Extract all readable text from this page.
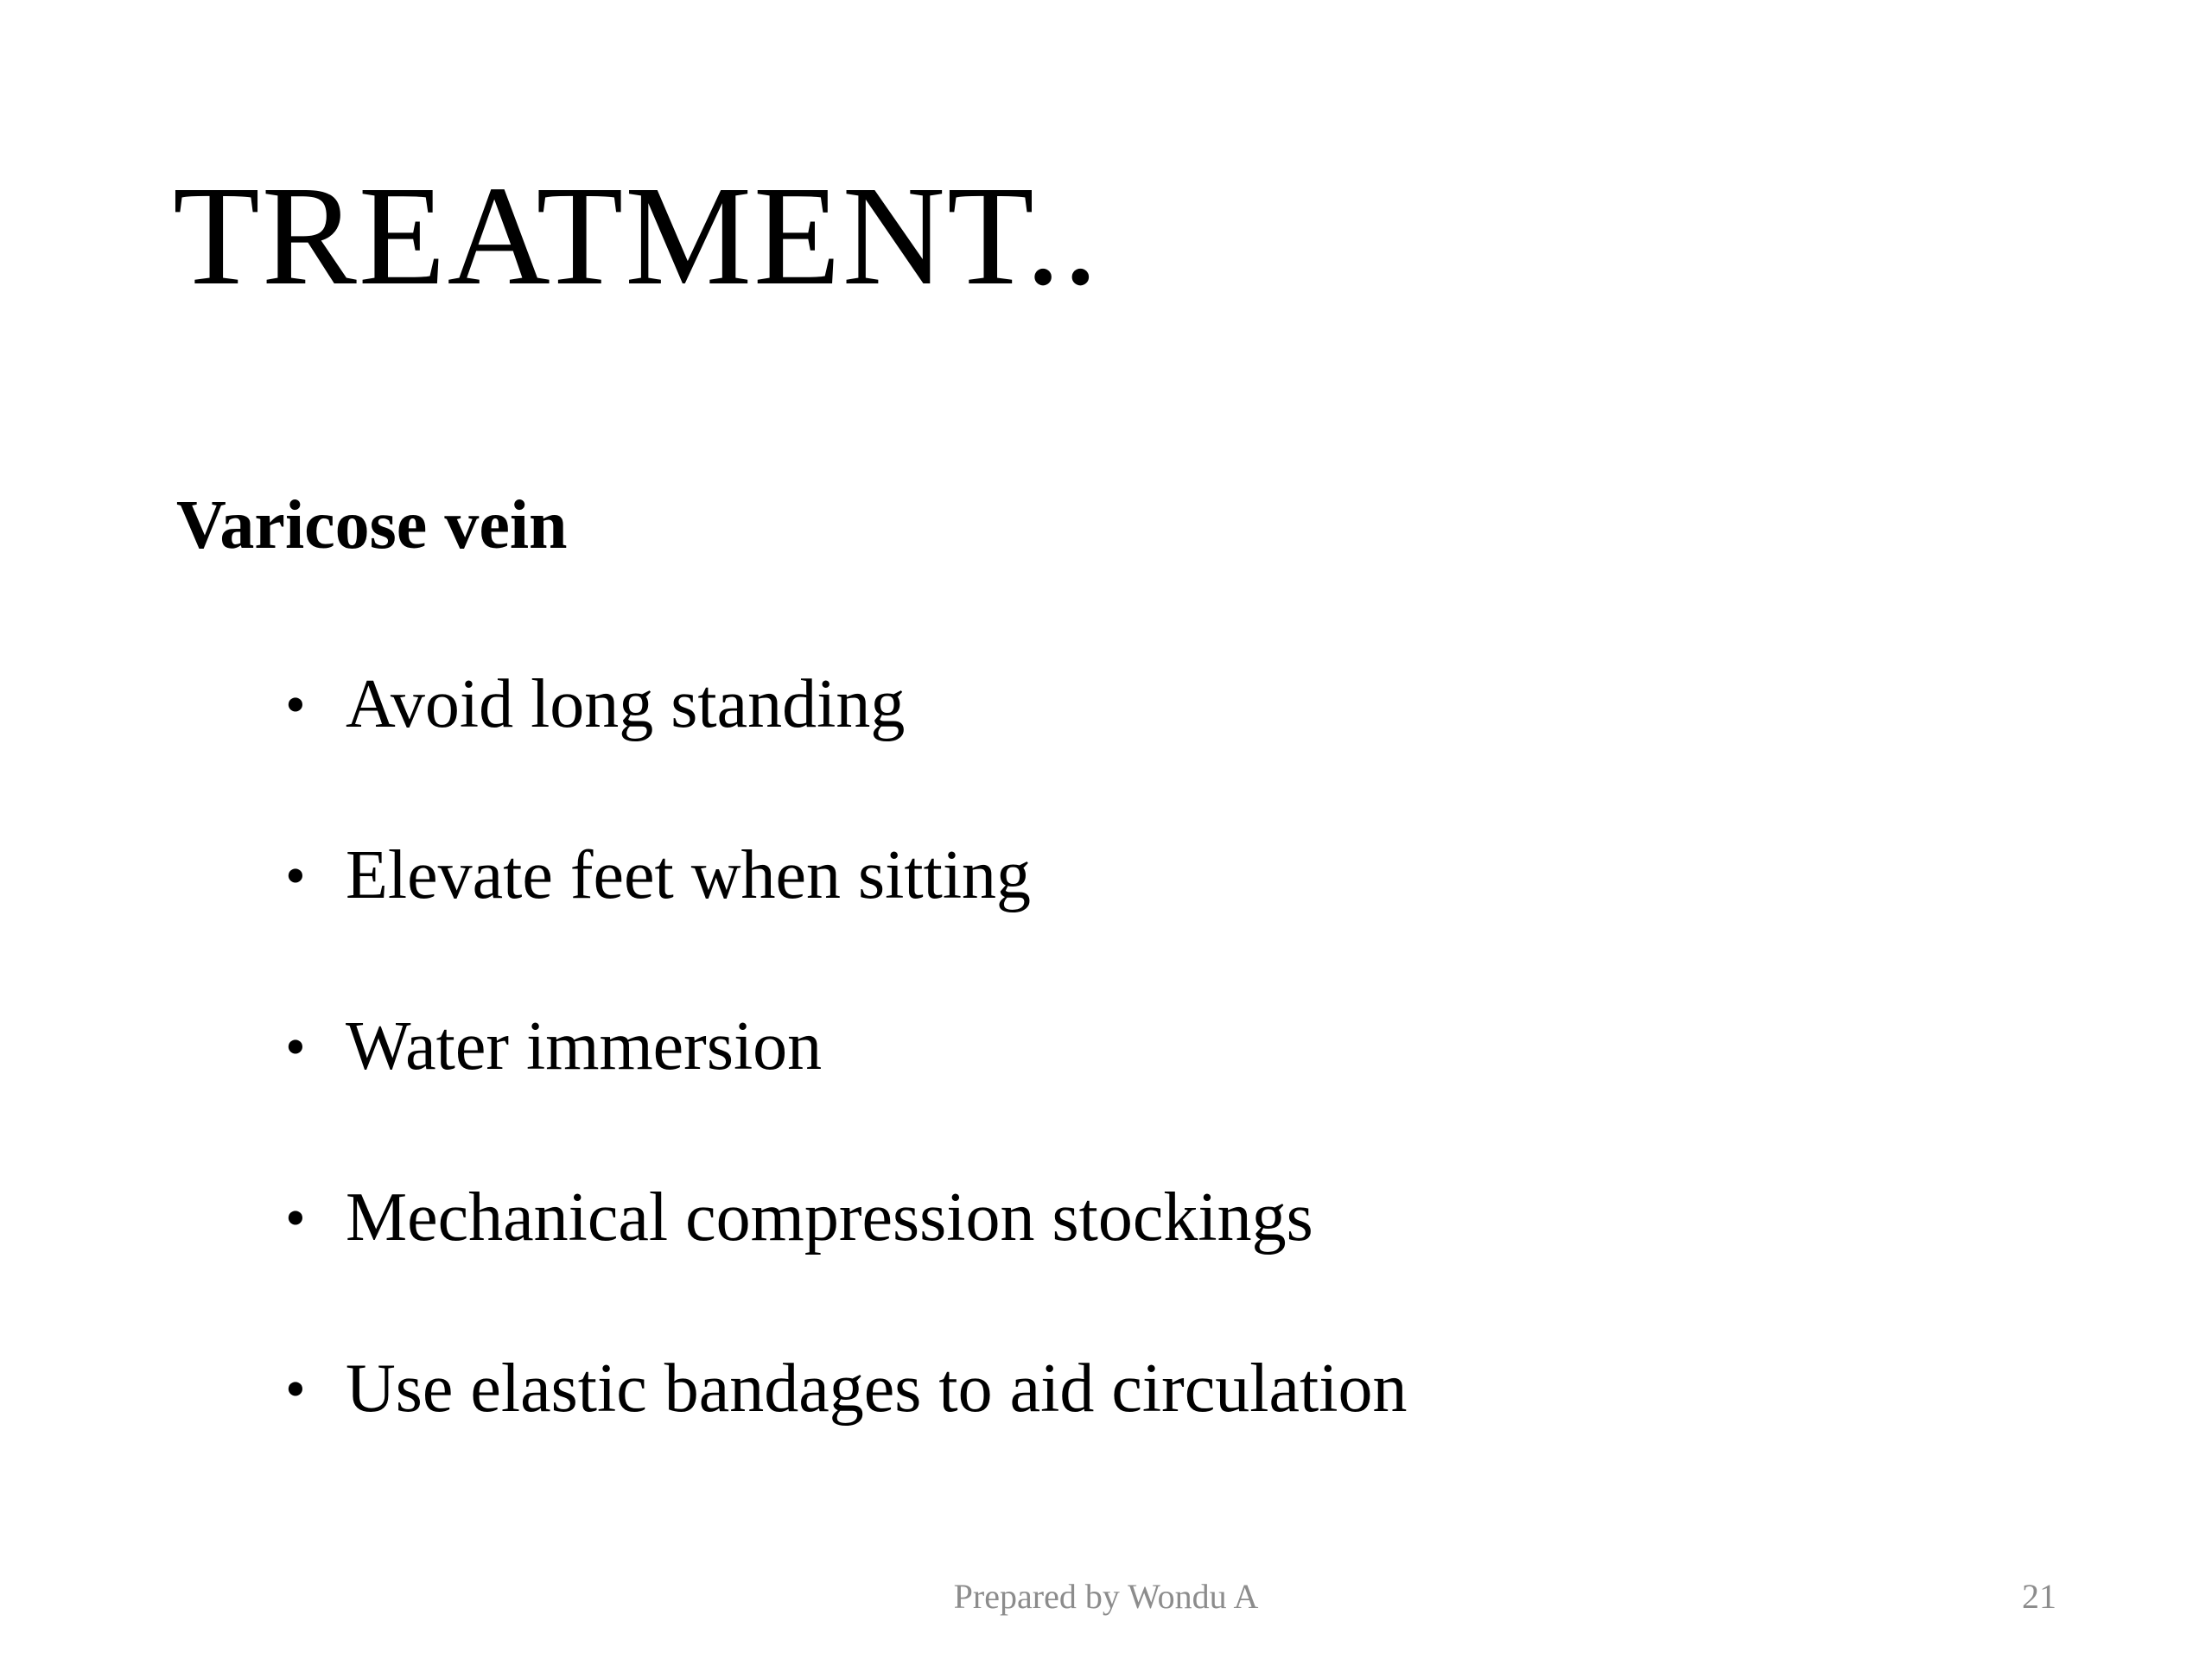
TREATMENT..
Varicose vein
• Avoid long standing
• Elevate feet when sitting
• Water immersion
• Mechanical compression stockings
• Use elastic bandages to aid circulation
Prepared by Wondu A	21
